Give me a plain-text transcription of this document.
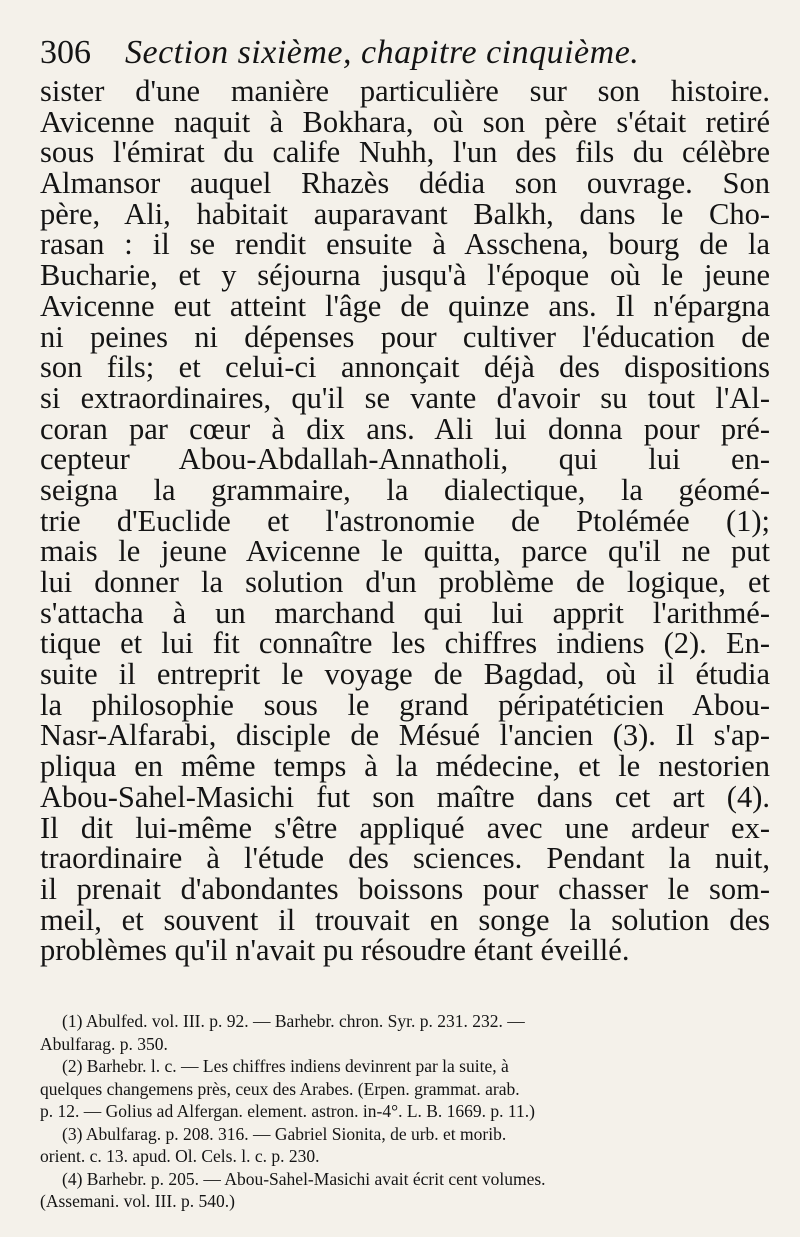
306 Section sixième, chapitre cinquième.
sister d'une manière particulière sur son histoire.
Avicenne naquit à Bokhara, où son père s'était retiré
sous l'émirat du calife Nuhh, l'un des fils du célèbre
Almansor auquel Rhazès dédia son ouvrage. Son
père, Ali, habitait auparavant Balkh, dans le Cho-
rasan : il se rendit ensuite à Asschena, bourg de la
Bucharie, et y séjourna jusqu'à l'époque où le jeune
Avicenne eut atteint l'âge de quinze ans. Il n'épargna
ni peines ni dépenses pour cultiver l'éducation de
son fils; et celui-ci annonçait déjà des dispositions
si extraordinaires, qu'il se vante d'avoir su tout l'Al-
coran par cœur à dix ans. Ali lui donna pour pré-
cepteur Abou-Abdallah-Annatholi, qui lui en-
seigna la grammaire, la dialectique, la géomé-
trie d'Euclide et l'astronomie de Ptolémée (1);
mais le jeune Avicenne le quitta, parce qu'il ne put
lui donner la solution d'un problème de logique, et
s'attacha à un marchand qui lui apprit l'arithmé-
tique et lui fit connaître les chiffres indiens (2). En-
suite il entreprit le voyage de Bagdad, où il étudia
la philosophie sous le grand péripatéticien Abou-
Nasr-Alfarabi, disciple de Mésué l'ancien (3). Il s'ap-
pliqua en même temps à la médecine, et le nestorien
Abou-Sahel-Masichi fut son maître dans cet art (4).
Il dit lui-même s'être appliqué avec une ardeur ex-
traordinaire à l'étude des sciences. Pendant la nuit,
il prenait d'abondantes boissons pour chasser le som-
meil, et souvent il trouvait en songe la solution des
problèmes qu'il n'avait pu résoudre étant éveillé.
(1) Abulfed. vol. III. p. 92. — Barhebr. chron. Syr. p. 231. 232. —
Abulfarag. p. 350.
(2) Barhebr. l. c. — Les chiffres indiens devinrent par la suite, à
quelques changemens près, ceux des Arabes. (Erpen. grammat. arab.
p. 12. — Golius ad Alfergan. element. astron. in-4°. L. B. 1669. p. 11.)
(3) Abulfarag. p. 208. 316. — Gabriel Sionita, de urb. et morib.
orient. c. 13. apud. Ol. Cels. l. c. p. 230.
(4) Barhebr. p. 205. — Abou-Sahel-Masichi avait écrit cent volumes.
(Assemani. vol. III. p. 540.)
